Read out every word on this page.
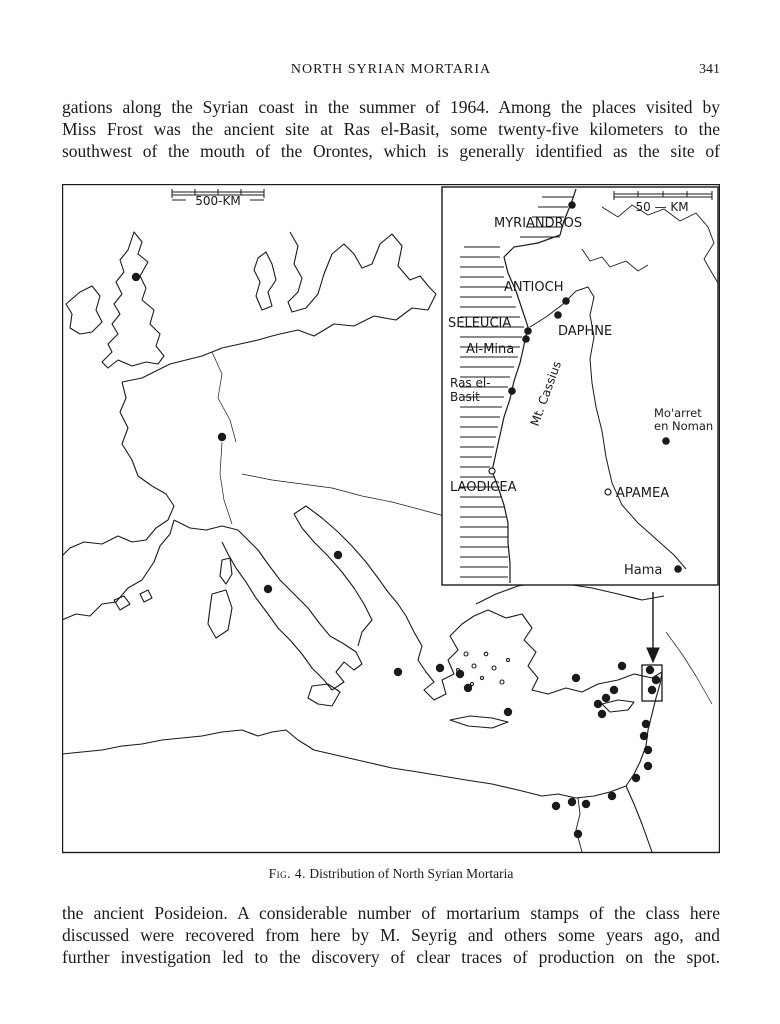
NORTH SYRIAN MORTARIA	341
gations along the Syrian coast in the summer of 1964. Among the places visited by
Miss Frost was the ancient site at Ras el-Basit, some twenty-five kilometers to the
southwest of the mouth of the Orontes, which is generally identified as the site of
500-KM	50 — KM
MYRIANDROS
ANTIOCH
SELEUCIA
DAPHNE
Al-Mina
Mt. Cassius
Ras el-
Basit
Mo'arret
en Noman
LAODICEA	APAMEA
Hama
Fig. 4. Distribution of North Syrian Mortaria
the ancient Posideion. A considerable number of mortarium stamps of the class here
discussed were recovered from here by M. Seyrig and others some years ago, and
further investigation led to the discovery of clear traces of production on the spot.
